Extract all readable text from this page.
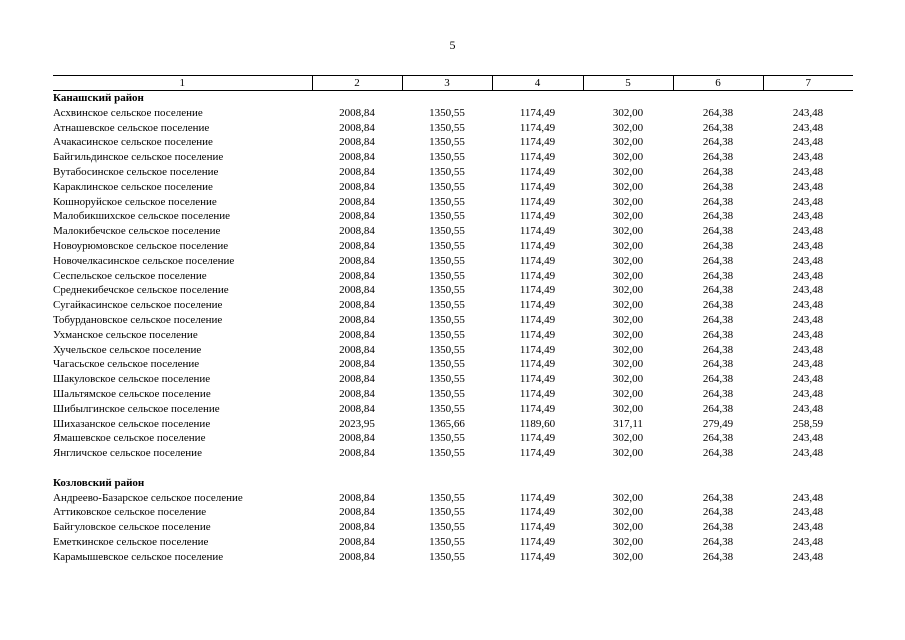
5
1	2	3	4	5	6	7
Канашский район						
Асхвинское сельское поселение	2008,84	1350,55	1174,49	302,00	264,38	243,48
Атнашевское сельское поселение	2008,84	1350,55	1174,49	302,00	264,38	243,48
Ачакасинское сельское поселение	2008,84	1350,55	1174,49	302,00	264,38	243,48
Байгильдинское сельское поселение	2008,84	1350,55	1174,49	302,00	264,38	243,48
Вутабосинское сельское поселение	2008,84	1350,55	1174,49	302,00	264,38	243,48
Караклинское сельское поселение	2008,84	1350,55	1174,49	302,00	264,38	243,48
Кошноруйское сельское поселение	2008,84	1350,55	1174,49	302,00	264,38	243,48
Малобикшихское сельское поселение	2008,84	1350,55	1174,49	302,00	264,38	243,48
Малокибечское сельское поселение	2008,84	1350,55	1174,49	302,00	264,38	243,48
Новоурюмовское сельское поселение	2008,84	1350,55	1174,49	302,00	264,38	243,48
Новочелкасинское сельское поселение	2008,84	1350,55	1174,49	302,00	264,38	243,48
Сеспельское сельское поселение	2008,84	1350,55	1174,49	302,00	264,38	243,48
Среднекибечское сельское поселение	2008,84	1350,55	1174,49	302,00	264,38	243,48
Сугайкасинское сельское поселение	2008,84	1350,55	1174,49	302,00	264,38	243,48
Тобурдановское сельское поселение	2008,84	1350,55	1174,49	302,00	264,38	243,48
Ухманское сельское поселение	2008,84	1350,55	1174,49	302,00	264,38	243,48
Хучельское сельское поселение	2008,84	1350,55	1174,49	302,00	264,38	243,48
Чагасьское сельское поселение	2008,84	1350,55	1174,49	302,00	264,38	243,48
Шакуловское сельское поселение	2008,84	1350,55	1174,49	302,00	264,38	243,48
Шальтямское сельское поселение	2008,84	1350,55	1174,49	302,00	264,38	243,48
Шибылгинское сельское поселение	2008,84	1350,55	1174,49	302,00	264,38	243,48
Шихазанское сельское поселение	2023,95	1365,66	1189,60	317,11	279,49	258,59
Ямашевское сельское поселение	2008,84	1350,55	1174,49	302,00	264,38	243,48
Янгличское сельское поселение	2008,84	1350,55	1174,49	302,00	264,38	243,48

Козловский район						
Андреево-Базарское сельское поселение	2008,84	1350,55	1174,49	302,00	264,38	243,48
Аттиковское сельское поселение	2008,84	1350,55	1174,49	302,00	264,38	243,48
Байгуловское сельское поселение	2008,84	1350,55	1174,49	302,00	264,38	243,48
Еметкинское сельское поселение	2008,84	1350,55	1174,49	302,00	264,38	243,48
Карамышевское сельское поселение	2008,84	1350,55	1174,49	302,00	264,38	243,48
